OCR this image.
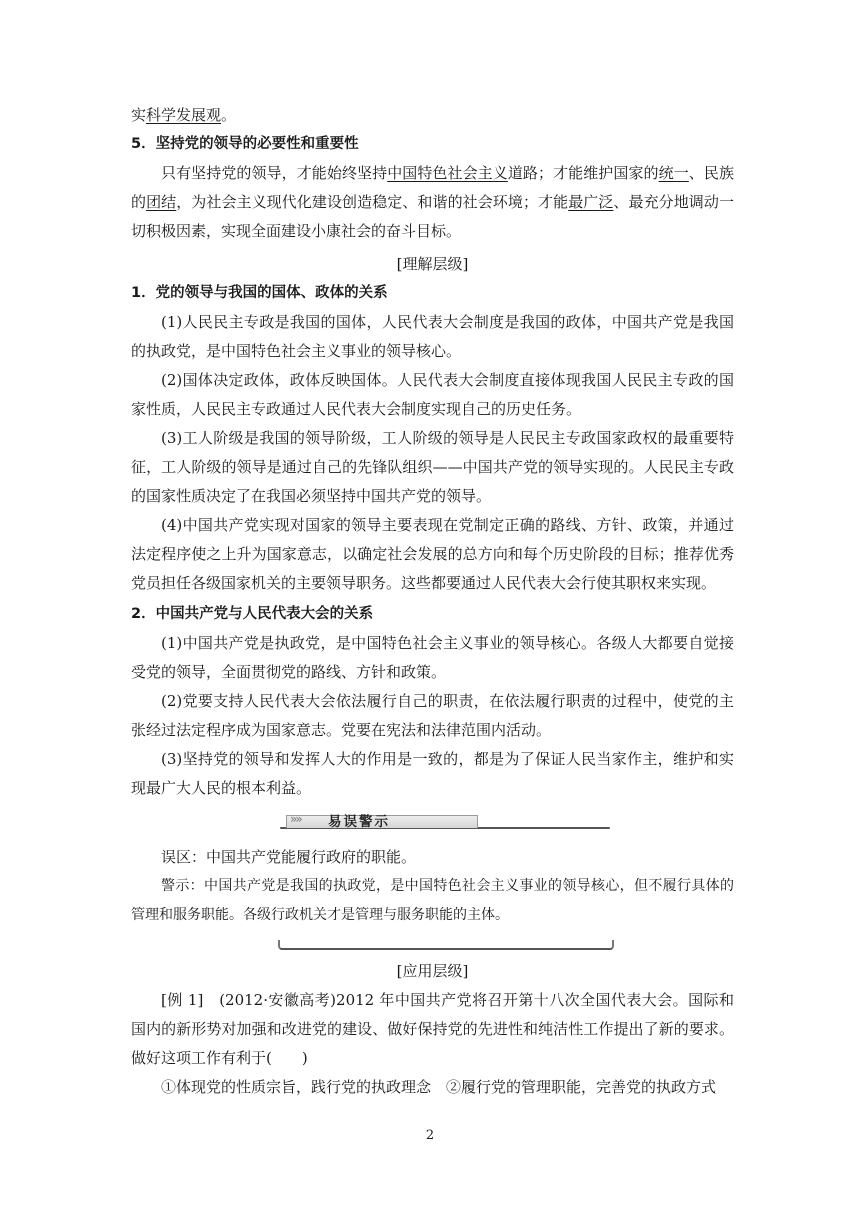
实科学发展观。

5．坚持党的领导的必要性和重要性

只有坚持党的领导，才能始终坚持中国特色社会主义道路；才能维护国家的统一、民族的团结，为社会主义现代化建设创造稳定、和谐的社会环境；才能最广泛、最充分地调动一切积极因素，实现全面建设小康社会的奋斗目标。

[理解层级]

1．党的领导与我国的国体、政体的关系

(1)人民民主专政是我国的国体，人民代表大会制度是我国的政体，中国共产党是我国的执政党，是中国特色社会主义事业的领导核心。

(2)国体决定政体，政体反映国体。人民代表大会制度直接体现我国人民民主专政的国家性质，人民民主专政通过人民代表大会制度实现自己的历史任务。

(3)工人阶级是我国的领导阶级，工人阶级的领导是人民民主专政国家政权的最重要特征，工人阶级的领导是通过自己的先锋队组织——中国共产党的领导实现的。人民民主专政的国家性质决定了在我国必须坚持中国共产党的领导。

(4)中国共产党实现对国家的领导主要表现在党制定正确的路线、方针、政策，并通过法定程序使之上升为国家意志，以确定社会发展的总方向和每个历史阶段的目标；推荐优秀党员担任各级国家机关的主要领导职务。这些都要通过人民代表大会行使其职权来实现。

2．中国共产党与人民代表大会的关系

(1)中国共产党是执政党，是中国特色社会主义事业的领导核心。各级人大都要自觉接受党的领导，全面贯彻党的路线、方针和政策。

(2)党要支持人民代表大会依法履行自己的职责，在依法履行职责的过程中，使党的主张经过法定程序成为国家意志。党要在宪法和法律范围内活动。

(3)坚持党的领导和发挥人大的作用是一致的，都是为了保证人民当家作主，维护和实现最广大人民的根本利益。

»» 易误警示

误区：中国共产党能履行政府的职能。

警示：中国共产党是我国的执政党，是中国特色社会主义事业的领导核心，但不履行具体的管理和服务职能。各级行政机关才是管理与服务职能的主体。

[应用层级]

[例 1]　 (2012·安徽高考)2012 年中国共产党将召开第十八次全国代表大会。国际和国内的新形势对加强和改进党的建设、做好保持党的先进性和纯洁性工作提出了新的要求。做好这项工作有利于(　　)

①体现党的性质宗旨，践行党的执政理念　②履行党的管理职能，完善党的执政方式

2
